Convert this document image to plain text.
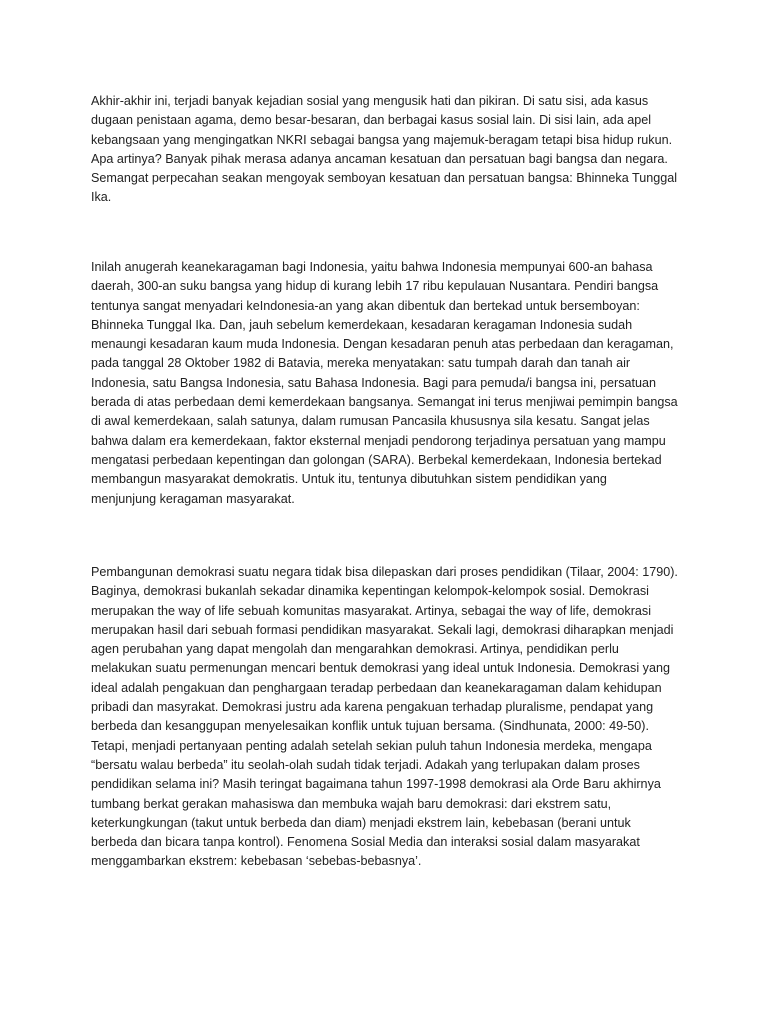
Akhir-akhir ini, terjadi banyak kejadian sosial yang mengusik hati dan pikiran. Di satu sisi, ada kasus
dugaan penistaan agama, demo besar-besaran, dan berbagai kasus sosial lain. Di sisi lain, ada apel
kebangsaan yang mengingatkan NKRI sebagai bangsa yang majemuk-beragam tetapi bisa hidup rukun.
Apa artinya? Banyak pihak merasa adanya ancaman kesatuan dan persatuan bagi bangsa dan negara.
Semangat perpecahan seakan mengoyak semboyan kesatuan dan persatuan bangsa: Bhinneka Tunggal
Ika.

Inilah anugerah keanekaragaman bagi Indonesia, yaitu bahwa Indonesia mempunyai 600-an bahasa
daerah, 300-an suku bangsa yang hidup di kurang lebih 17 ribu kepulauan Nusantara. Pendiri bangsa
tentunya sangat menyadari keIndonesia-an yang akan dibentuk dan bertekad untuk bersemboyan:
Bhinneka Tunggal Ika. Dan, jauh sebelum kemerdekaan, kesadaran keragaman Indonesia sudah
menaungi kesadaran kaum muda Indonesia. Dengan kesadaran penuh atas perbedaan dan keragaman,
pada tanggal 28 Oktober 1982 di Batavia, mereka menyatakan: satu tumpah darah dan tanah air
Indonesia, satu Bangsa Indonesia, satu Bahasa Indonesia. Bagi para pemuda/i bangsa ini, persatuan
berada di atas perbedaan demi kemerdekaan bangsanya. Semangat ini terus menjiwai pemimpin bangsa
di awal kemerdekaan, salah satunya, dalam rumusan Pancasila khususnya sila kesatu. Sangat jelas
bahwa dalam era kemerdekaan, faktor eksternal menjadi pendorong terjadinya persatuan yang mampu
mengatasi perbedaan kepentingan dan golongan (SARA). Berbekal kemerdekaan, Indonesia bertekad
membangun masyarakat demokratis. Untuk itu, tentunya dibutuhkan sistem pendidikan yang
menjunjung keragaman masyarakat.

Pembangunan demokrasi suatu negara tidak bisa dilepaskan dari proses pendidikan (Tilaar, 2004: 1790).
Baginya, demokrasi bukanlah sekadar dinamika kepentingan kelompok-kelompok sosial. Demokrasi
merupakan the way of life sebuah komunitas masyarakat. Artinya, sebagai the way of life, demokrasi
merupakan hasil dari sebuah formasi pendidikan masyarakat. Sekali lagi, demokrasi diharapkan menjadi
agen perubahan yang dapat mengolah dan mengarahkan demokrasi. Artinya, pendidikan perlu
melakukan suatu permenungan mencari bentuk demokrasi yang ideal untuk Indonesia. Demokrasi yang
ideal adalah pengakuan dan penghargaan teradap perbedaan dan keanekaragaman dalam kehidupan
pribadi dan masyrakat. Demokrasi justru ada karena pengakuan terhadap pluralisme, pendapat yang
berbeda dan kesanggupan menyelesaikan konflik untuk tujuan bersama. (Sindhunata, 2000: 49-50).
Tetapi, menjadi pertanyaan penting adalah setelah sekian puluh tahun Indonesia merdeka, mengapa
“bersatu walau berbeda” itu seolah-olah sudah tidak terjadi. Adakah yang terlupakan dalam proses
pendidikan selama ini? Masih teringat bagaimana tahun 1997-1998 demokrasi ala Orde Baru akhirnya
tumbang berkat gerakan mahasiswa dan membuka wajah baru demokrasi: dari ekstrem satu,
keterkungkungan (takut untuk berbeda dan diam) menjadi ekstrem lain, kebebasan (berani untuk
berbeda dan bicara tanpa kontrol). Fenomena Sosial Media dan interaksi sosial dalam masyarakat
menggambarkan ekstrem: kebebasan ‘sebebas-bebasnya’.
